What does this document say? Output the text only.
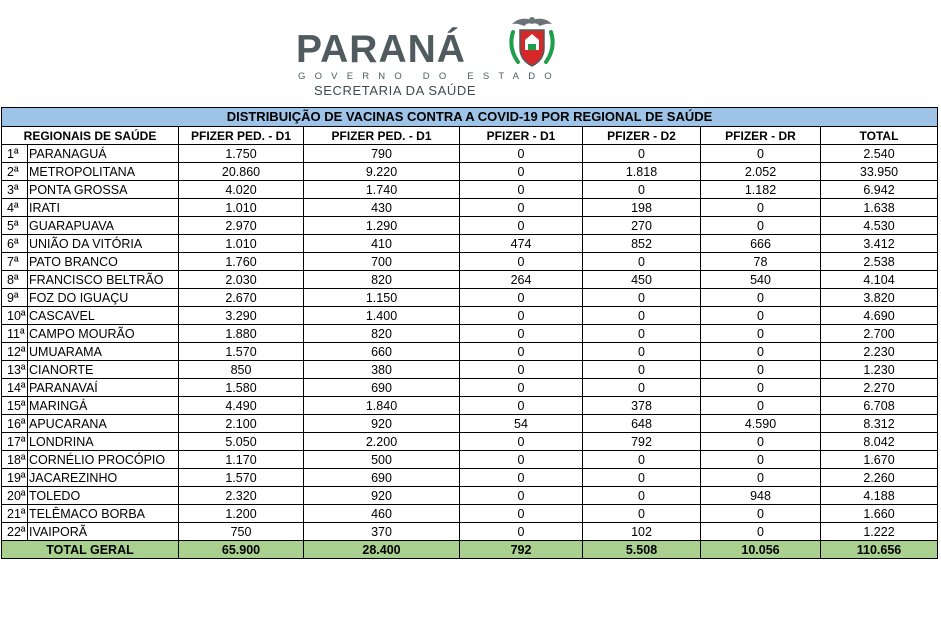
PARANÁ
GOVERNO DO ESTADO
SECRETARIA DA SAÚDE
DISTRIBUIÇÃO DE VACINAS CONTRA A COVID-19 POR REGIONAL DE SAÚDE							
REGIONAIS DE SAÚDE		PFIZER PED. - D1	PFIZER PED. - D1	PFIZER - D1	PFIZER - D2	PFIZER - DR	TOTAL
1ª	PARANAGUÁ	1.750	790	0	0	0	2.540
2ª	METROPOLITANA	20.860	9.220	0	1.818	2.052	33.950
3ª	PONTA GROSSA	4.020	1.740	0	0	1.182	6.942
4ª	IRATI	1.010	430	0	198	0	1.638
5ª	GUARAPUAVA	2.970	1.290	0	270	0	4.530
6ª	UNIÃO DA VITÓRIA	1.010	410	474	852	666	3.412
7ª	PATO BRANCO	1.760	700	0	0	78	2.538
8ª	FRANCISCO BELTRÃO	2.030	820	264	450	540	4.104
9ª	FOZ DO IGUAÇU	2.670	1.150	0	0	0	3.820
10ª	CASCAVEL	3.290	1.400	0	0	0	4.690
11ª	CAMPO MOURÃO	1.880	820	0	0	0	2.700
12ª	UMUARAMA	1.570	660	0	0	0	2.230
13ª	CIANORTE	850	380	0	0	0	1.230
14ª	PARANAVAÍ	1.580	690	0	0	0	2.270
15ª	MARINGÁ	4.490	1.840	0	378	0	6.708
16ª	APUCARANA	2.100	920	54	648	4.590	8.312
17ª	LONDRINA	5.050	2.200	0	792	0	8.042
18ª	CORNÉLIO PROCÓPIO	1.170	500	0	0	0	1.670
19ª	JACAREZINHO	1.570	690	0	0	0	2.260
20ª	TOLEDO	2.320	920	0	0	948	4.188
21ª	TELÊMACO BORBA	1.200	460	0	0	0	1.660
22ª	IVAIPORÃ	750	370	0	102	0	1.222
TOTAL GERAL		65.900	28.400	792	5.508	10.056	110.656
